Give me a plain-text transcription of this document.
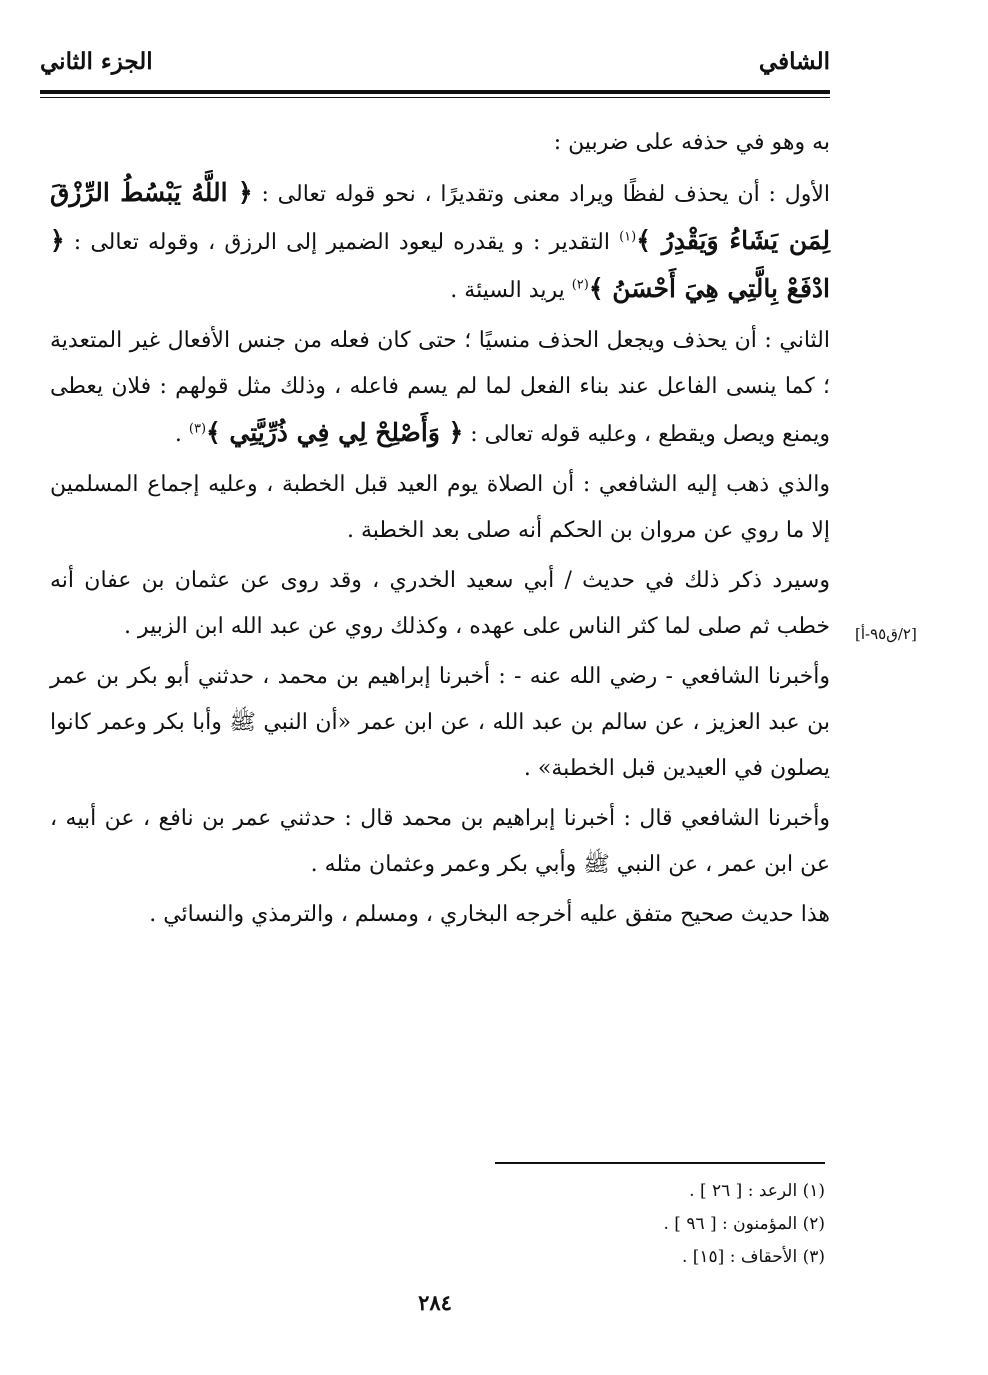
الشافي
الجزء الثاني

به وهو في حذفه على ضربين :

الأول : أن يحذف لفظًا ويراد معنى وتقديرًا ، نحو قوله تعالى : ﴿ اللَّهُ يَبْسُطُ الرِّزْقَ لِمَن يَشَاءُ وَيَقْدِرُ ﴾$^{(١)}$ التقدير : و يقدره ليعود الضمير إلى الرزق ، وقوله تعالى : ﴿ ادْفَعْ بِالَّتِي هِيَ أَحْسَنُ ﴾$^{(٢)}$ يريد السيئة .

الثاني : أن يحذف ويجعل الحذف منسيًا ؛ حتى كان فعله من جنس الأفعال غير المتعدية ؛ كما ينسى الفاعل عند بناء الفعل لما لم يسم فاعله ، وذلك مثل قولهم : فلان يعطى ويمنع ويصل ويقطع ، وعليه قوله تعالى : ﴿ وَأَصْلِحْ لِي فِي ذُرِّيَّتِي ﴾$^{(٣)}$ .

والذي ذهب إليه الشافعي : أن الصلاة يوم العيد قبل الخطبة ، وعليه إجماع المسلمين إلا ما روي عن مروان بن الحكم أنه صلى بعد الخطبة .

وسيرد ذكر ذلك في حديث / أبي سعيد الخدري ، وقد روى عن عثمان بن عفان أنه خطب ثم صلى لما كثر الناس على عهده ، وكذلك روي عن عبد الله ابن الزبير .

وأخبرنا الشافعي - رضي الله عنه - : أخبرنا إبراهيم بن محمد ، حدثني أبو بكر بن عمر بن عبد العزيز ، عن سالم بن عبد الله ، عن ابن عمر «أن النبي ﷺ وأبا بكر وعمر كانوا يصلون في العيدين قبل الخطبة» .

وأخبرنا الشافعي قال : أخبرنا إبراهيم بن محمد قال : حدثني عمر بن نافع ، عن أبيه ، عن ابن عمر ، عن النبي ﷺ وأبي بكر وعمر وعثمان مثله .

هذا حديث صحيح متفق عليه أخرجه البخاري ، ومسلم ، والترمذي والنسائي .

[٢/ق٩٥-أ]
(١) الرعد : [ ٢٦ ] .
(٢) المؤمنون : [ ٩٦ ] .
(٣) الأحقاف : [١٥] .
٢٨٤
